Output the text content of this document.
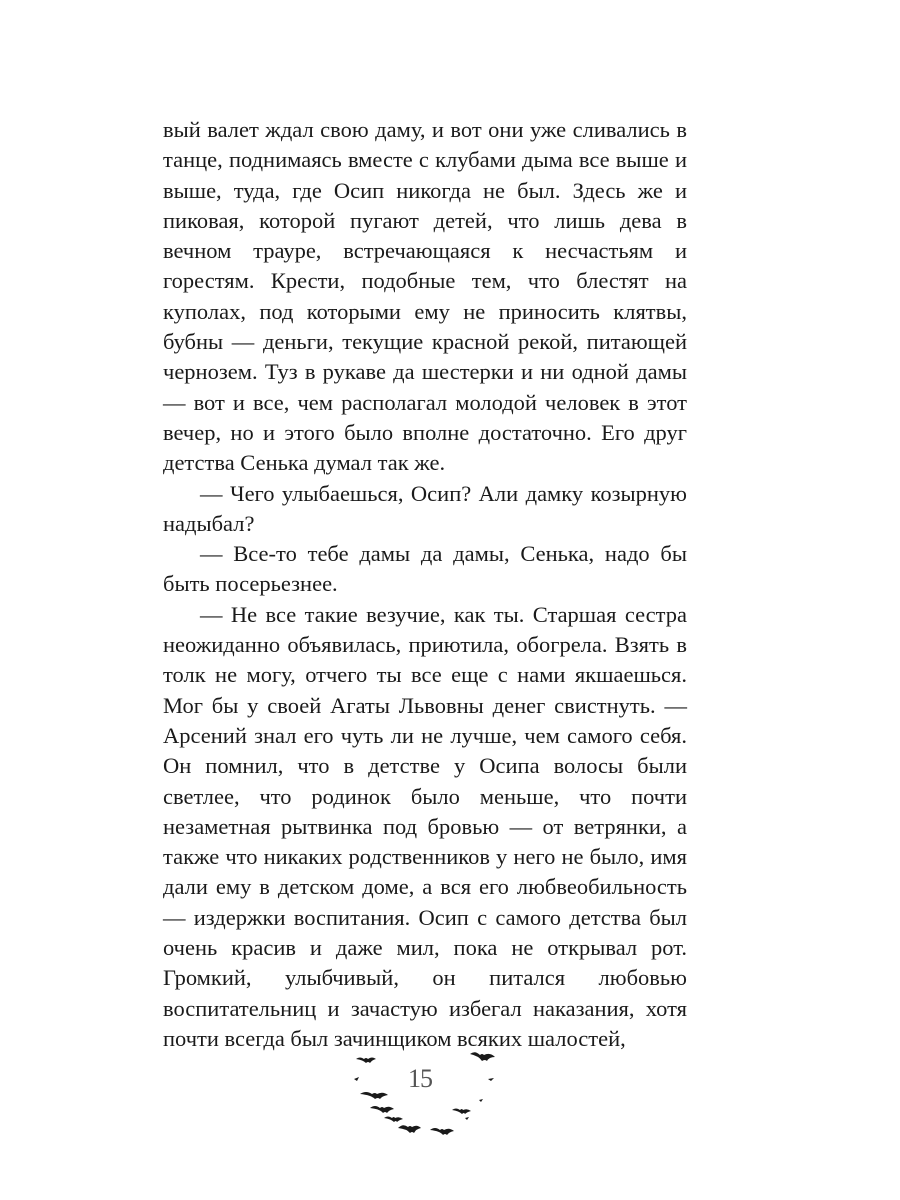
вый валет ждал свою даму, и вот они уже сливались в танце, поднимаясь вместе с клубами дыма все выше и выше, туда, где Осип никогда не был. Здесь же и пиковая, которой пугают детей, что лишь дева в вечном трауре, встречающаяся к несчастьям и горестям. Крести, подобные тем, что блестят на куполах, под которыми ему не приносить клятвы, бубны — деньги, текущие красной рекой, питающей чернозем. Туз в рукаве да шестерки и ни одной дамы — вот и все, чем располагал молодой человек в этот вечер, но и этого было вполне достаточно. Его друг детства Сенька думал так же.

— Чего улыбаешься, Осип? Али дамку козырную надыбал?

— Все-то тебе дамы да дамы, Сенька, надо бы быть посерьезнее.

— Не все такие везучие, как ты. Старшая сестра неожиданно объявилась, приютила, обогрела. Взять в толк не могу, отчего ты все еще с нами якшаешься. Мог бы у своей Агаты Львовны денег свистнуть. — Арсений знал его чуть ли не лучше, чем самого себя. Он помнил, что в детстве у Осипа волосы были светлее, что родинок было меньше, что почти незаметная рытвинка под бровью — от ветрянки, а также что никаких родственников у него не было, имя дали ему в детском доме, а вся его любвеобильность — издержки воспитания. Осип с самого детства был очень красив и даже мил, пока не открывал рот. Громкий, улыбчивый, он питался любовью воспитательниц и зачастую избегал наказания, хотя почти всегда был зачинщиком всяких шалостей,

15
